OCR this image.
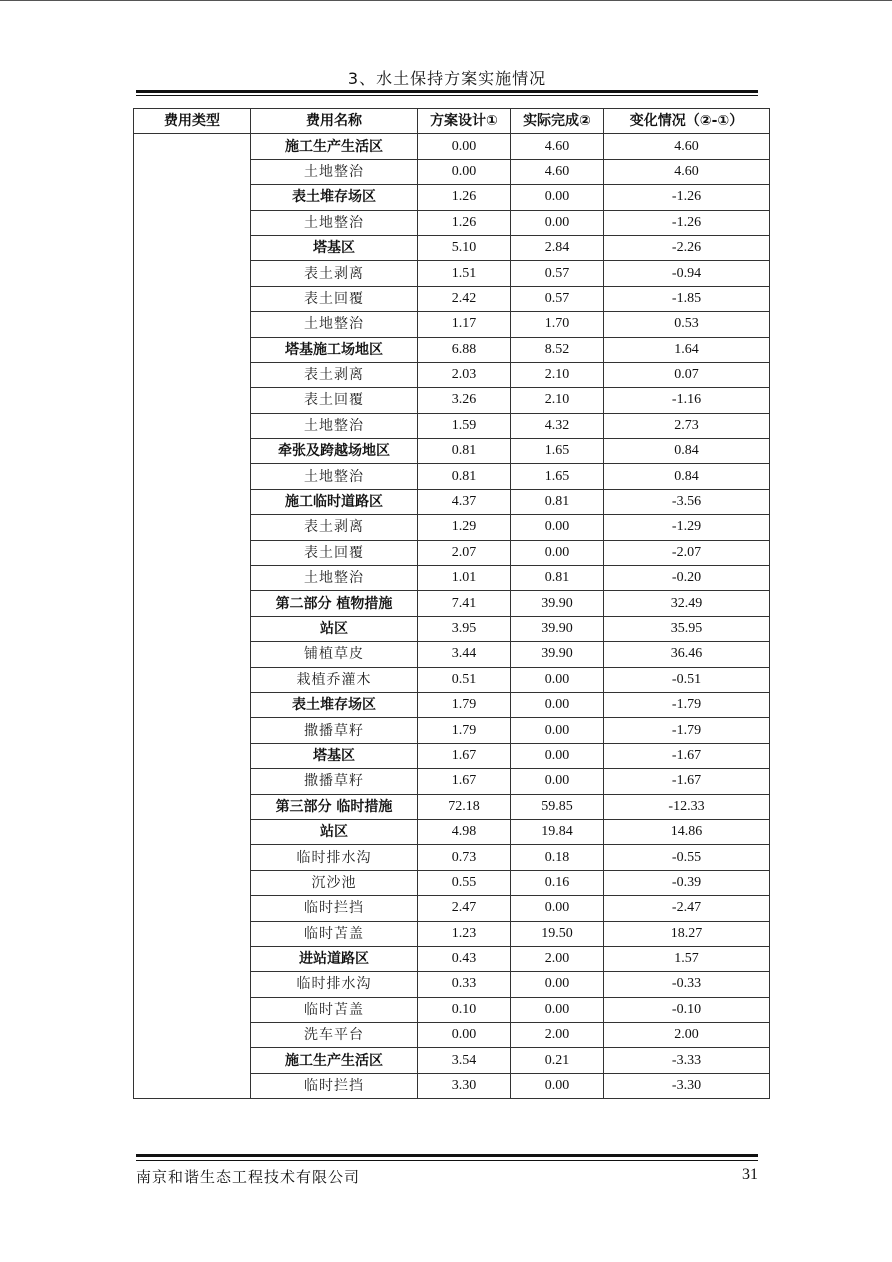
3、水土保持方案实施情况
费用类型	费用名称	方案设计①	实际完成②	变化情况（②-①）
	施工生产生活区	0.00	4.60	4.60
	土地整治	0.00	4.60	4.60
	表土堆存场区	1.26	0.00	-1.26
	土地整治	1.26	0.00	-1.26
	塔基区	5.10	2.84	-2.26
	表土剥离	1.51	0.57	-0.94
	表土回覆	2.42	0.57	-1.85
	土地整治	1.17	1.70	0.53
	塔基施工场地区	6.88	8.52	1.64
	表土剥离	2.03	2.10	0.07
	表土回覆	3.26	2.10	-1.16
	土地整治	1.59	4.32	2.73
	牵张及跨越场地区	0.81	1.65	0.84
	土地整治	0.81	1.65	0.84
	施工临时道路区	4.37	0.81	-3.56
	表土剥离	1.29	0.00	-1.29
	表土回覆	2.07	0.00	-2.07
	土地整治	1.01	0.81	-0.20
	第二部分 植物措施	7.41	39.90	32.49
	站区	3.95	39.90	35.95
	铺植草皮	3.44	39.90	36.46
	栽植乔灌木	0.51	0.00	-0.51
	表土堆存场区	1.79	0.00	-1.79
	撒播草籽	1.79	0.00	-1.79
	塔基区	1.67	0.00	-1.67
	撒播草籽	1.67	0.00	-1.67
	第三部分 临时措施	72.18	59.85	-12.33
	站区	4.98	19.84	14.86
	临时排水沟	0.73	0.18	-0.55
	沉沙池	0.55	0.16	-0.39
	临时拦挡	2.47	0.00	-2.47
	临时苫盖	1.23	19.50	18.27
	进站道路区	0.43	2.00	1.57
	临时排水沟	0.33	0.00	-0.33
	临时苫盖	0.10	0.00	-0.10
	洗车平台	0.00	2.00	2.00
	施工生产生活区	3.54	0.21	-3.33
	临时拦挡	3.30	0.00	-3.30
南京和谐生态工程技术有限公司	31
